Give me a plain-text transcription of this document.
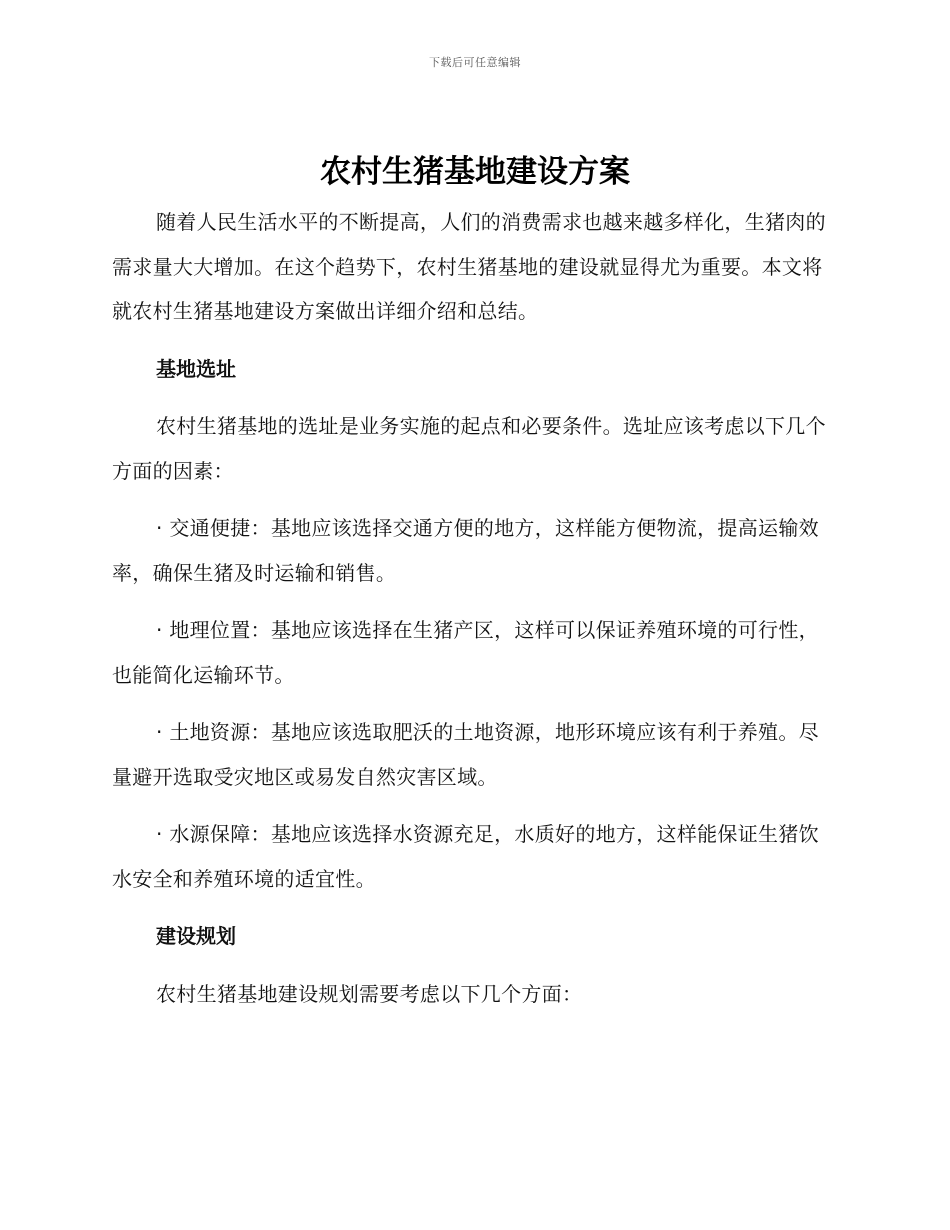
下载后可任意编辑
农村生猪基地建设方案

随着人民生活水平的不断提高，人们的消费需求也越来越多样化，生猪肉的需求量大大增加。在这个趋势下，农村生猪基地的建设就显得尤为重要。本文将就农村生猪基地建设方案做出详细介绍和总结。

基地选址

农村生猪基地的选址是业务实施的起点和必要条件。选址应该考虑以下几个方面的因素：

· 交通便捷：基地应该选择交通方便的地方，这样能方便物流，提高运输效率，确保生猪及时运输和销售。

· 地理位置：基地应该选择在生猪产区，这样可以保证养殖环境的可行性，也能简化运输环节。

· 土地资源：基地应该选取肥沃的土地资源，地形环境应该有利于养殖。尽量避开选取受灾地区或易发自然灾害区域。

· 水源保障：基地应该选择水资源充足，水质好的地方，这样能保证生猪饮水安全和养殖环境的适宜性。

建设规划

农村生猪基地建设规划需要考虑以下几个方面：
